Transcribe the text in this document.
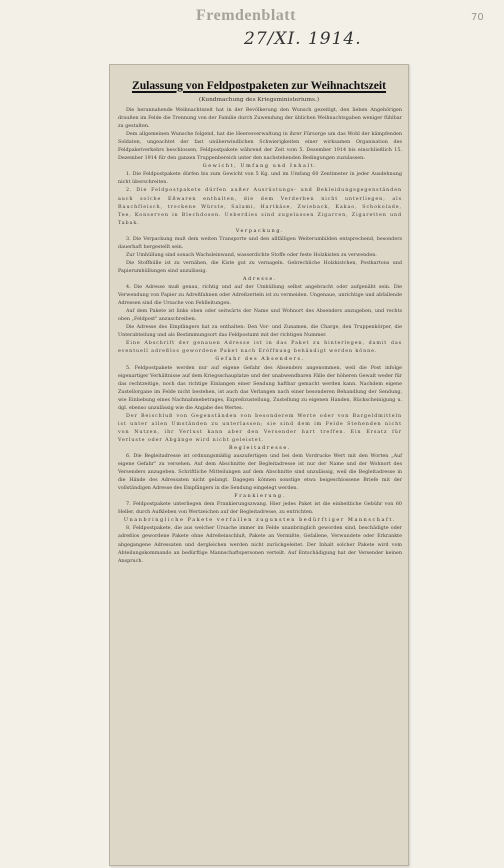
Fremdenblatt	70
27/XI. 1914.
Zulassung von Feldpostpaketen zur Weihnachtszeit
(Kundmachung des Kriegsministeriums.)

Die herannahende Weihnachtszeit hat in der Bevölkerung den Wunsch gezeitigt, den lieben Angehörigen draußen im Felde die Trennung von der Familie durch Zuwendung der üblichen Weihnachtsgaben weniger fühlbar zu gestalten.

Dem allgemeinen Wunsche folgend, hat die Heeresverwaltung in ihrer Fürsorge um das Wohl der kämpfenden Soldaten, ungeachtet der fast unüberwindlichen Schwierigkeiten einer wirksamen Organisation des Feldpaketverkehrs beschlossen, Feldpostpakete während der Zeit vom 5. Dezember 1914 bis einschließlich 15. Dezember 1914 für den ganzen Truppenbereich unter den nachstehenden Bedingungen zuzulassen:

Gewicht, Umfang und Inhalt.

1. Die Feldpostpakete dürfen bis zum Gewicht von 5 Kg. und im Umfang 60 Zentimeter in jeder Ausdehnung nicht überschreiten.

2. Die Feldpostpakete dürfen außer Ausrüstungs- und Bekleidungsgegenständen auch solche Eßwaren enthalten, die dem Verderben nicht unterliegen, als Rauchfleisch, trockene Würste, Salami, Hartkäse, Zwieback, Kakao, Schokolade, Tee, Konserven in Blechdosen. Ueberdies sind zugelassen Zigarren, Zigaretten und Tabak.

Verpackung.

3. Die Verpackung muß dem weiten Transporte und den allfälligen Weiterumbilden entsprechend, besonders dauerhaft hergestellt sein.

Zur Umhüllung sind sonach Wachsleinwand, wasserdichte Stoffe oder feste Holzkisten zu verwenden.

Die Stoffhülle ist zu vernähen, die Kiste gut zu vernageln. Gebrechliche Holzkistchen, Postkartons und Papierumhüllungen sind unzulässig.

Adresse.

4. Die Adresse muß genau, richtig und auf der Umhüllung selbst angebracht oder aufgenäht sein. Die Verwendung von Papier zu Adreßfahnen oder Adreßzetteln ist zu vermeiden. Ungenaue, unrichtige und abfallende Adressen sind die Ursache von Fehlleitungen.

Auf dem Pakete ist links oben oder seitwärts der Name und Wohnort des Absenders anzugeben, und rechts oben „Feldpost" anzuschreiben.

Die Adresse des Empfängers hat zu enthalten: Den Vor- und Zunamen, die Charge, den Truppenkörper, die Unterabteilung und als Bestimmungsort das Feldpostamt mit der richtigen Nummer.

Eine Abschrift der genauen Adresse ist in das Paket zu hinterlegen, damit das eventuell adreßlos gewordene Paket nach Eröffnung behändigt werden könne.

Gefahr des Absenders.

5. Feldpostpakete werden nur auf eigene Gefahr des Absenders angenommen, weil die Post infolge eigenartiger Verhältnisse auf dem Kriegsschauplatze und der unabwendbaren Fälle der höheren Gewalt weder für das rechtzeitige, noch das richtige Einlangen einer Sendung haftbar gemacht werden kann. Nachdem eigene Zustellorgane im Felde nicht bestehen, ist auch das Verlangen nach einer besonderen Behandlung der Sendung, wie Einhebung eines Nachnahmebetrages, Expreßzustellung, Zustellung zu eigenen Handen, Rückscheinigung u. dgl. ebenso unzulässig wie die Angabe des Wertes.

Der Beischluß von Gegenständen von besonderem Werte oder von Bargeldmitteln ist unter allen Umständen zu unterlassen; sie sind dem im Felde Stehenden nicht von Nutzen, ihr Verlust kann aber den Versender hart treffen. Ein Ersatz für Verluste oder Abgänge wird nicht geleistet.

Begleitadresse.

6. Die Begleitadresse ist ordnungsmäßig auszufertigen und bei dem Vordrucke Wert mit den Worten „Auf eigene Gefahr" zu versehen. Auf dem Abschnitte der Begleitadresse ist nur der Name und der Wohnort des Versenders anzugeben. Schriftliche Mitteilungen auf dem Abschnitte sind unzulässig, weil die Begleitadresse in die Hände des Adressaten nicht gelangt. Dagegen können sonstige etwa beigeschlossene Briefe mit der vollständigen Adresse des Empfängers in die Sendung eingelegt werden.

Frankierung.

7. Feldpostpakete unterliegen dem Frankierungszwang. Hier jedes Paket ist die einheitliche Gebühr von 60 Heller, durch Aufkleben von Wertzeichen auf der Begleitadresse, zu entrichten.

Unanbringliche Pakete verfallen zugunsten bedürftiger Mannschaft.

8. Feldpostpakete, die aus welcher Ursache immer im Felde unanbringlich geworden sind, beschädigte oder adreßlos gewordene Pakete ohne Adreßeinschluß, Pakete an Vermißte, Gefallene, Verwundete oder Erkrankte abgegangene Adressaten und dergleichen werden nicht zurückgeleitet. Der Inhalt solcher Pakete wird vom Abteilungskommando an bedürftige Mannschaftspersonen verteilt. Auf Entschädigung hat der Versender keinen Anspruch.
